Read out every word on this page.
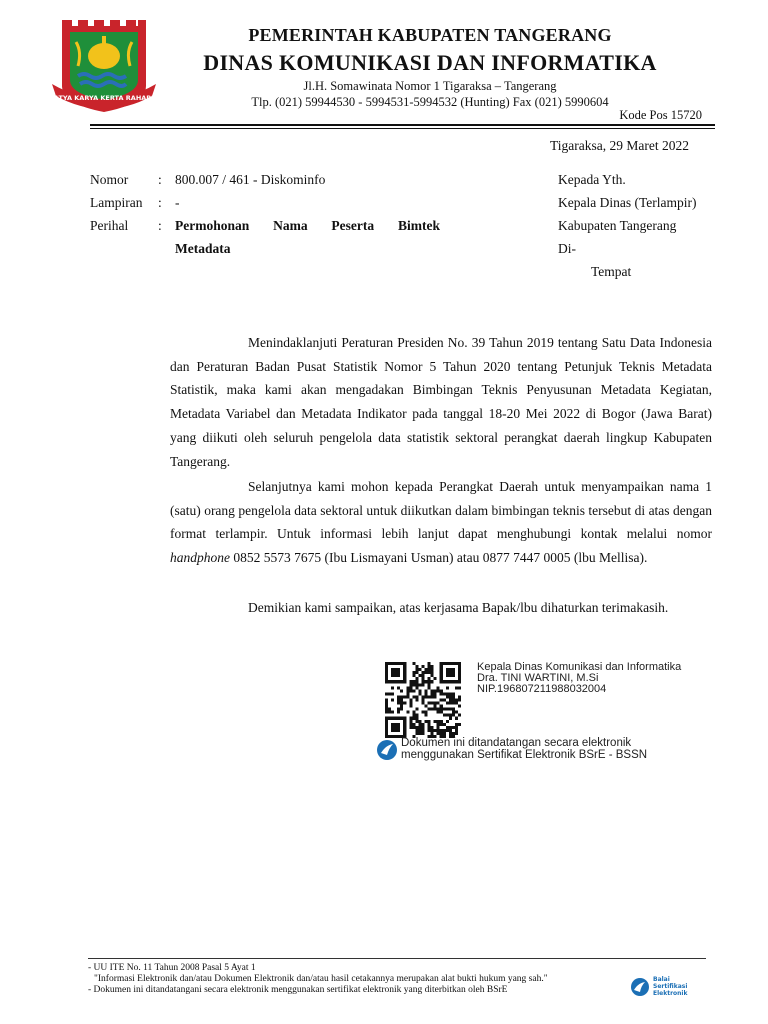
SATYA KARYA KERTA RAHARJA
PEMERINTAH KABUPATEN TANGERANG
DINAS KOMUNIKASI DAN INFORMATIKA
Jl.H. Somawinata Nomor 1 Tigaraksa – Tangerang
Tlp. (021) 59944530 - 5994531-5994532 (Hunting) Fax (021) 5990604
Kode Pos 15720
Tigaraksa, 29 Maret 2022
Nomor
Lampiran
Perihal
:
:
:
800.007 / 461 - Diskominfo
-
Permohonan Nama Peserta Bimtek
Metadata
Kepada Yth.
Kepala Dinas (Terlampir)
Kabupaten Tangerang
Di-
Tempat
Menindaklanjuti Peraturan Presiden No. 39 Tahun 2019 tentang Satu Data Indonesia dan Peraturan Badan Pusat Statistik Nomor 5 Tahun 2020 tentang Petunjuk Teknis Metadata Statistik, maka kami akan mengadakan Bimbingan Teknis Penyusunan Metadata Kegiatan, Metadata Variabel dan Metadata Indikator pada tanggal 18-20 Mei 2022 di Bogor (Jawa Barat) yang diikuti oleh seluruh pengelola data statistik sektoral perangkat daerah lingkup Kabupaten Tangerang.
Selanjutnya kami mohon kepada Perangkat Daerah untuk menyampaikan nama 1 (satu) orang pengelola data sektoral untuk diikutkan dalam bimbingan teknis tersebut di atas dengan format terlampir. Untuk informasi lebih lanjut dapat menghubungi kontak melalui nomor handphone 0852 5573 7675 (Ibu Lismayani Usman) atau 0877 7447 0005 (lbu Mellisa).
Demikian kami sampaikan, atas kerjasama Bapak/lbu dihaturkan terimakasih.
Kepala Dinas Komunikasi dan Informatika
Dra. TINI WARTINI, M.Si
NIP.196807211988032004
Dokumen ini ditandatangan secara elektronik
menggunakan Sertifikat Elektronik BSrE - BSSN
- UU ITE No. 11 Tahun 2008 Pasal 5 Ayat 1
"Informasi Elektronik dan/atau Dokumen Elektronik dan/atau hasil cetakannya merupakan alat bukti hukum yang sah."
- Dokumen ini ditandatangani secara elektronik menggunakan sertifikat elektronik yang diterbitkan oleh BSrE
Balai
Sertifikasi
Elektronik
